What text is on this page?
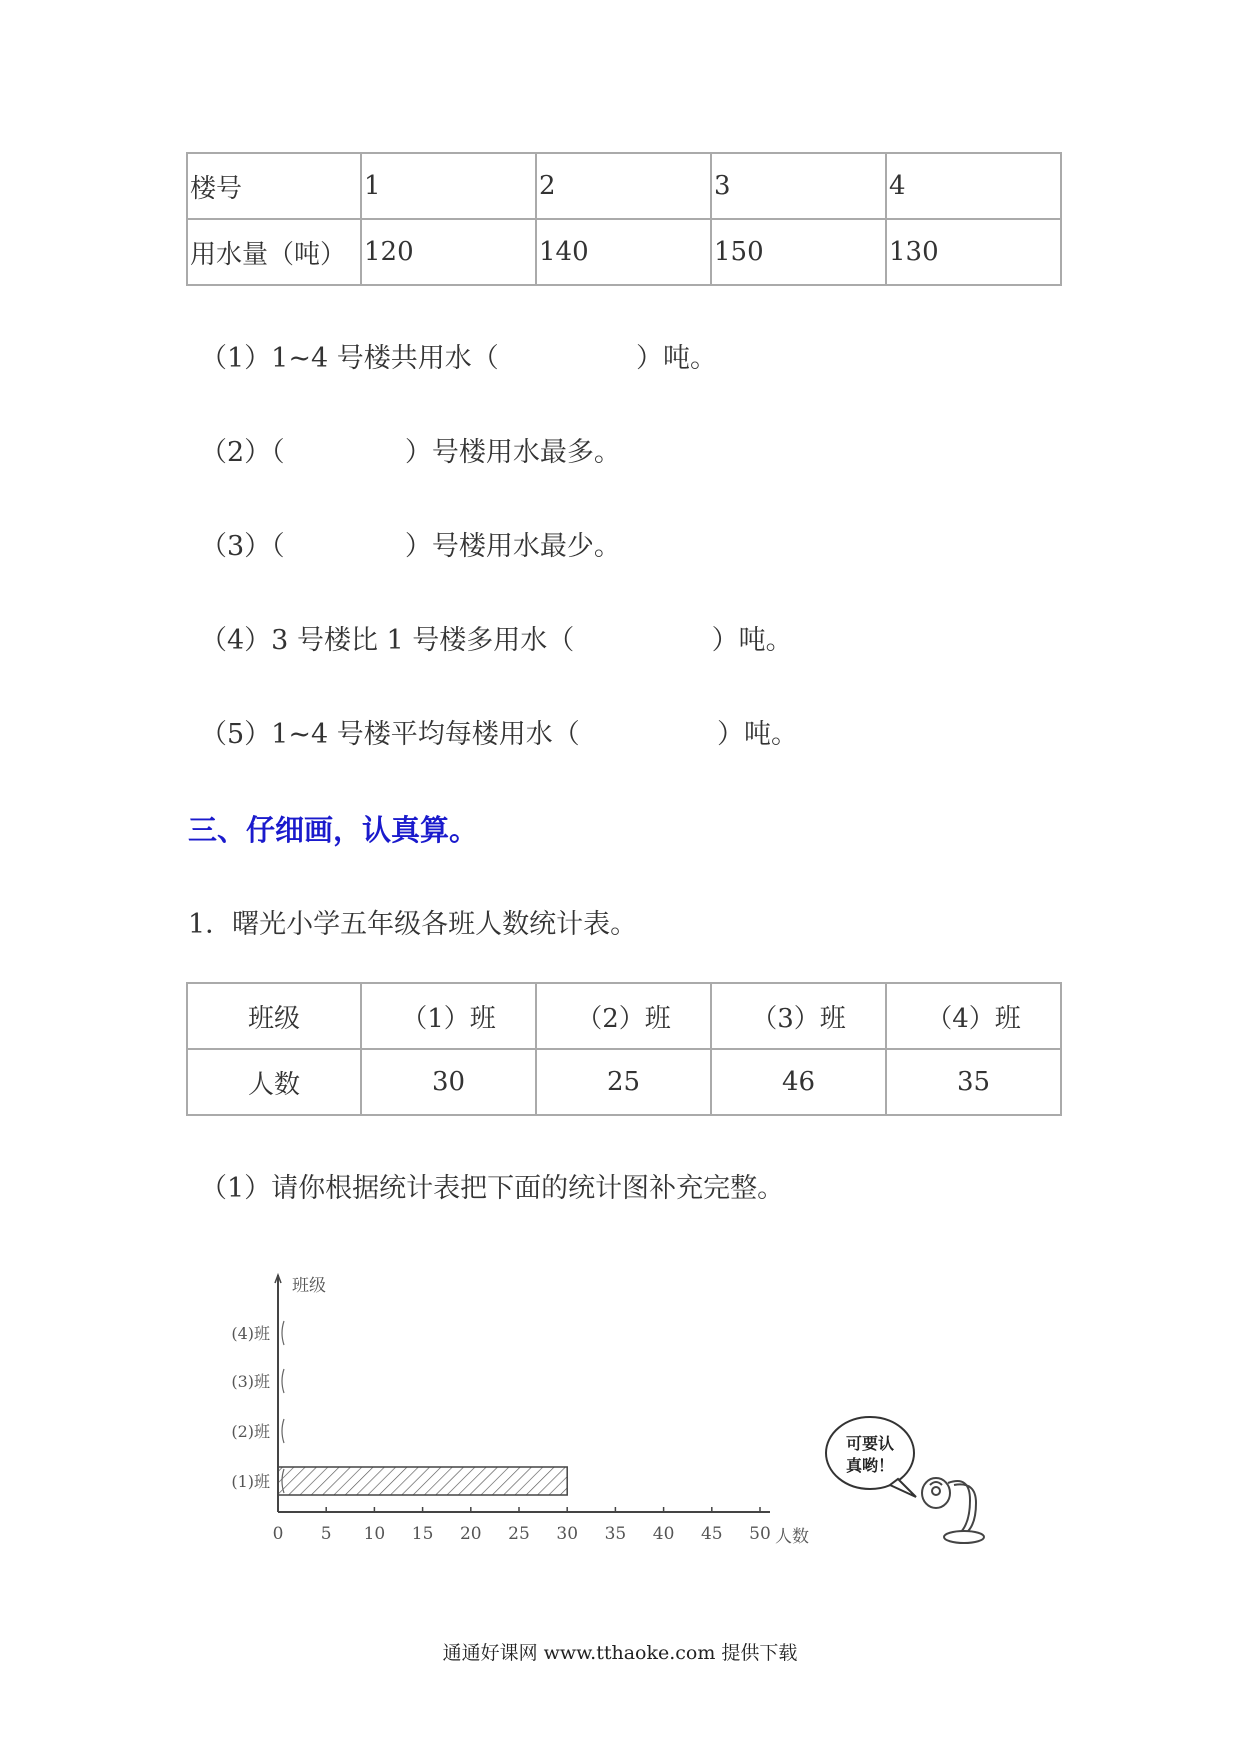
楼号	1	2	3	4
用水量（吨）	120	140	150	130
（1）1~4 号楼共用水（                ）吨。
（2）（              ）号楼用水最多。
（3）（              ）号楼用水最少。
（4）3 号楼比 1 号楼多用水（                ）吨。
（5）1~4 号楼平均每楼用水（                ）吨。
三、仔细画，认真算。
1．曙光小学五年级各班人数统计表。
班级	（1）班	（2）班	（3）班	（4）班
人数	30	25	46	35
（1）请你根据统计表把下面的统计图补充完整。
0 5 10 15 20 25 30 35 40 45 50
(1)班
(2)班
(3)班
(4)班
班级
人数
可要认
真哟！
通通好课网 www.tthaoke.com 提供下载
